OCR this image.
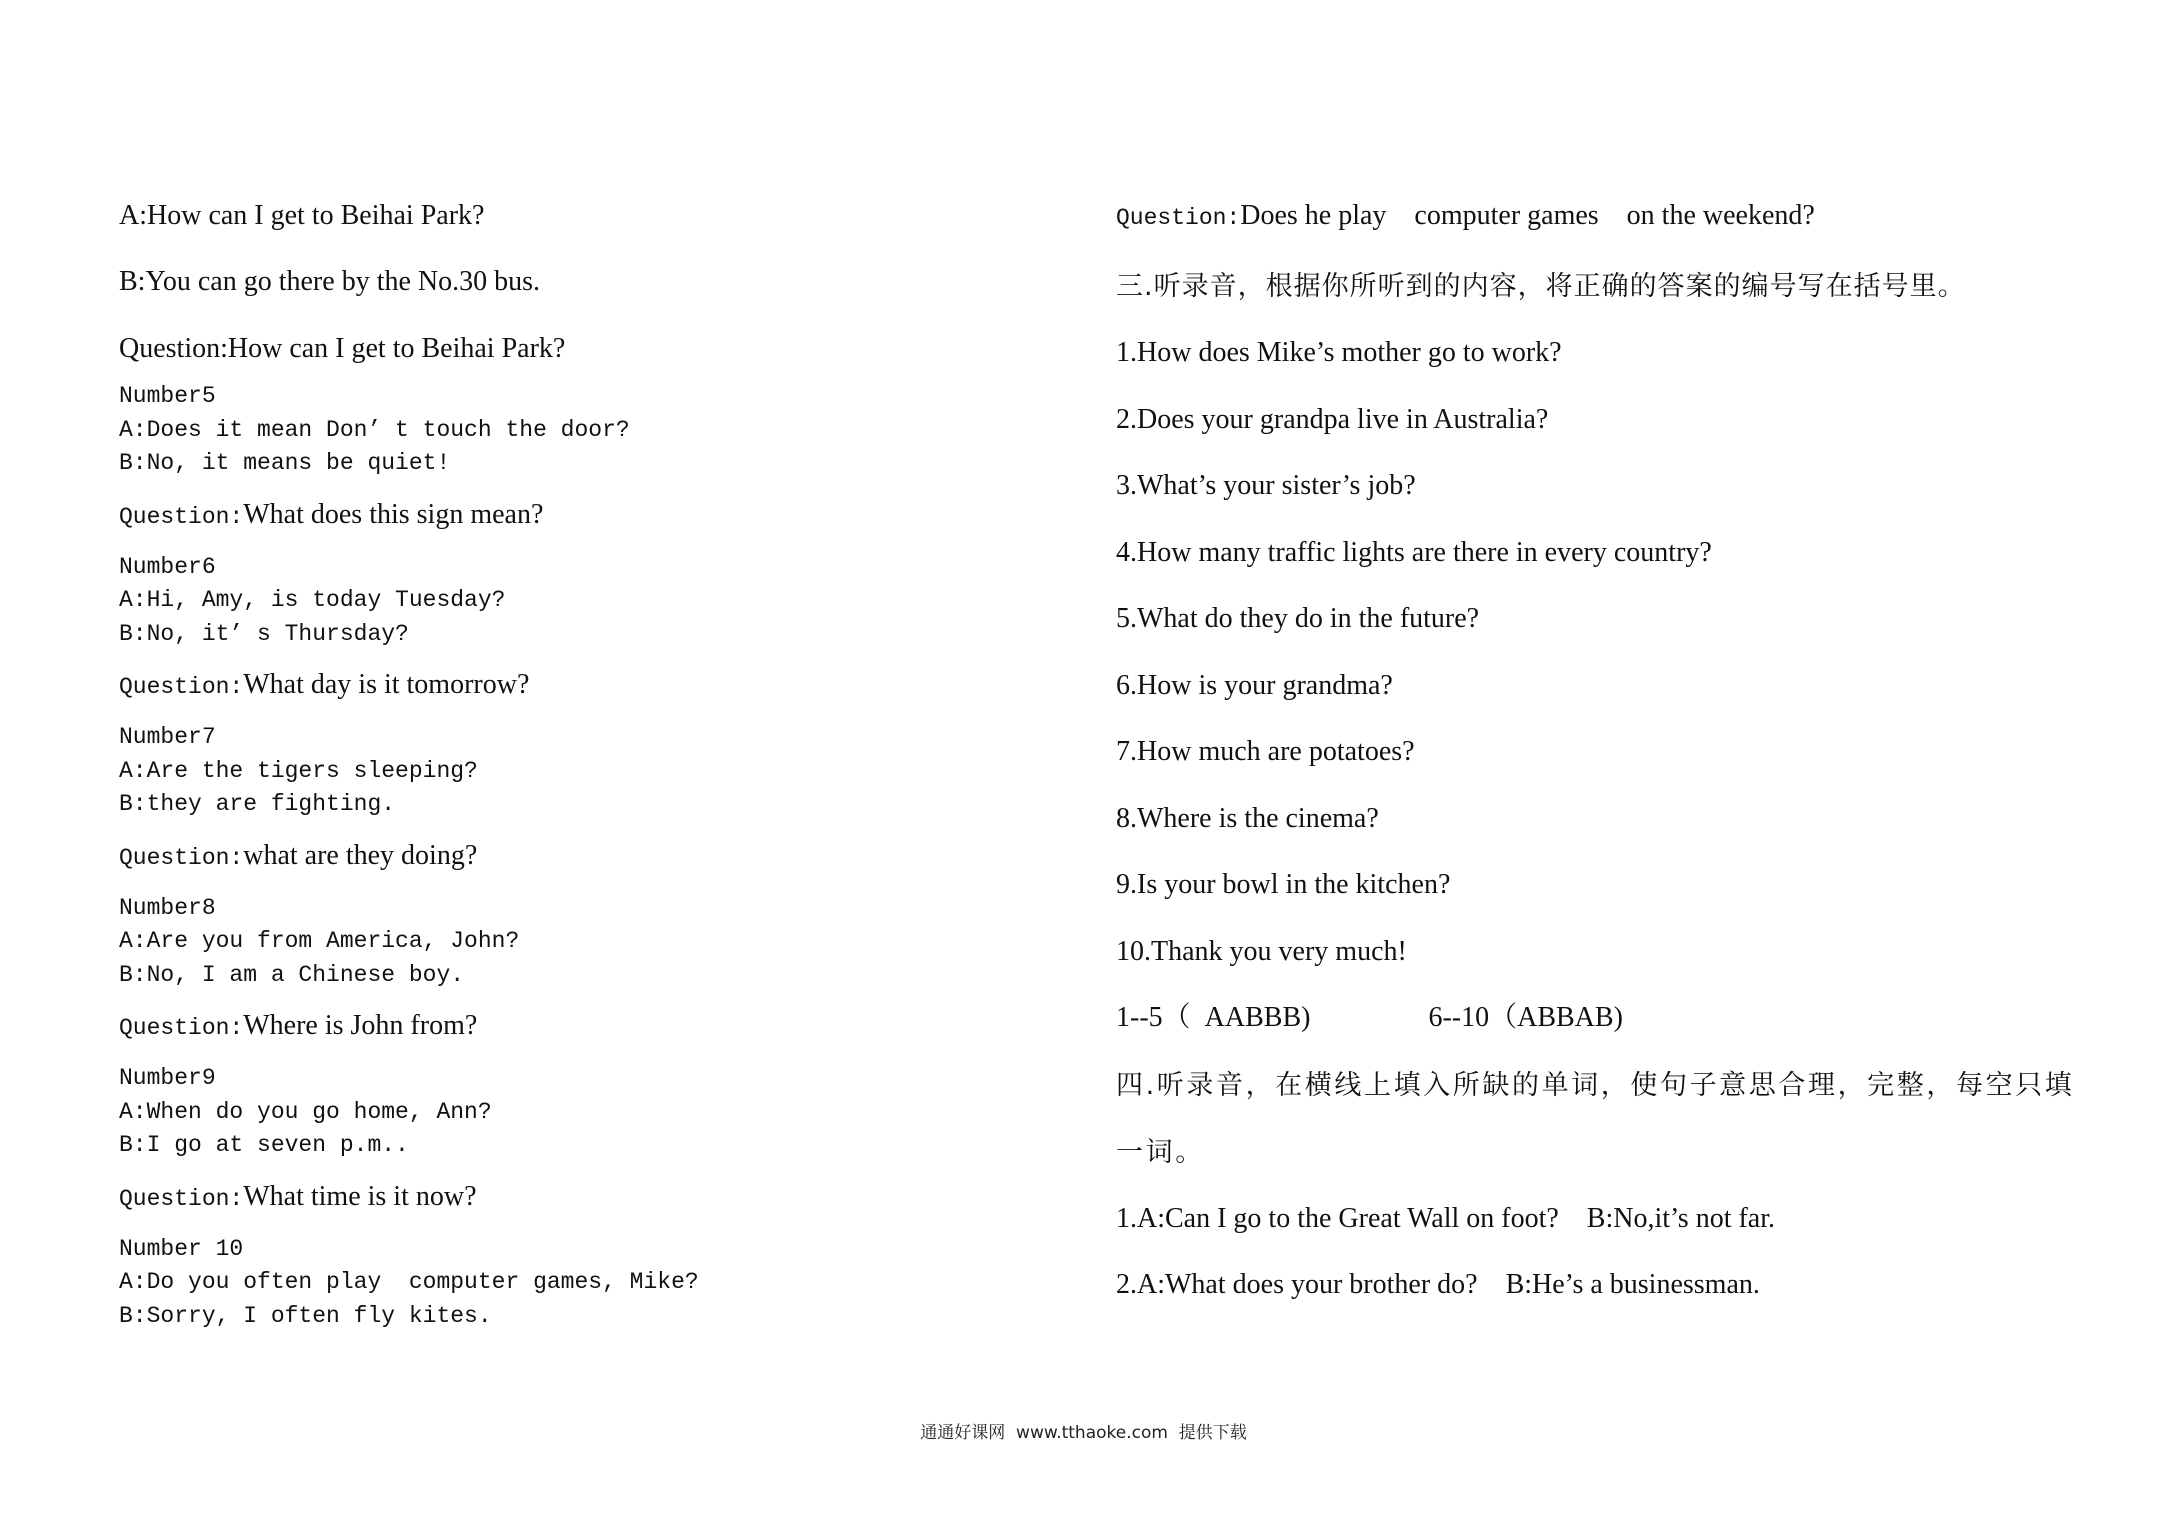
A:How can I get to Beihai Park?
B:You can go there by the No.30 bus.
Question:How can I get to Beihai Park?
Number5
A:Does it mean Don’ t touch the door?
B:No, it means be quiet!
Question:What does this sign mean?
Number6
A:Hi, Amy, is today Tuesday?
B:No, it’ s Thursday?
Question:What day is it tomorrow?
Number7
A:Are the tigers sleeping?
B:they are fighting.
Question:what are they doing?
Number8
A:Are you from America, John?
B:No, I am a Chinese boy.
Question:Where is John from?
Number9
A:When do you go home, Ann?
B:I go at seven p.m..
Question:What time is it now?
Number 10
A:Do you often play  computer games, Mike?
B:Sorry, I often fly kites.
Question:Does he play    computer games    on the weekend?
三.听录音，根据你所听到的内容，将正确的答案的编号写在括号里。
1.How does Mike’s mother go to work?
2.Does your grandpa live in Australia?
3.What’s your sister’s job?
4.How many traffic lights are there in every country?
5.What do they do in the future?
6.How is your grandma?
7.How much are potatoes?
8.Where is the cinema?
9.Is your bowl in the kitchen?
10.Thank you very much!
1--5（  AABBB)	6--10（ABBAB)
四.听录音，在横线上填入所缺的单词，使句子意思合理，完整，每空只填一词。
1.A:Can I go to the Great Wall on foot?    B:No,it’s not far.
2.A:What does your brother do?    B:He’s a businessman.
通通好课网  www.tthaoke.com  提供下载
